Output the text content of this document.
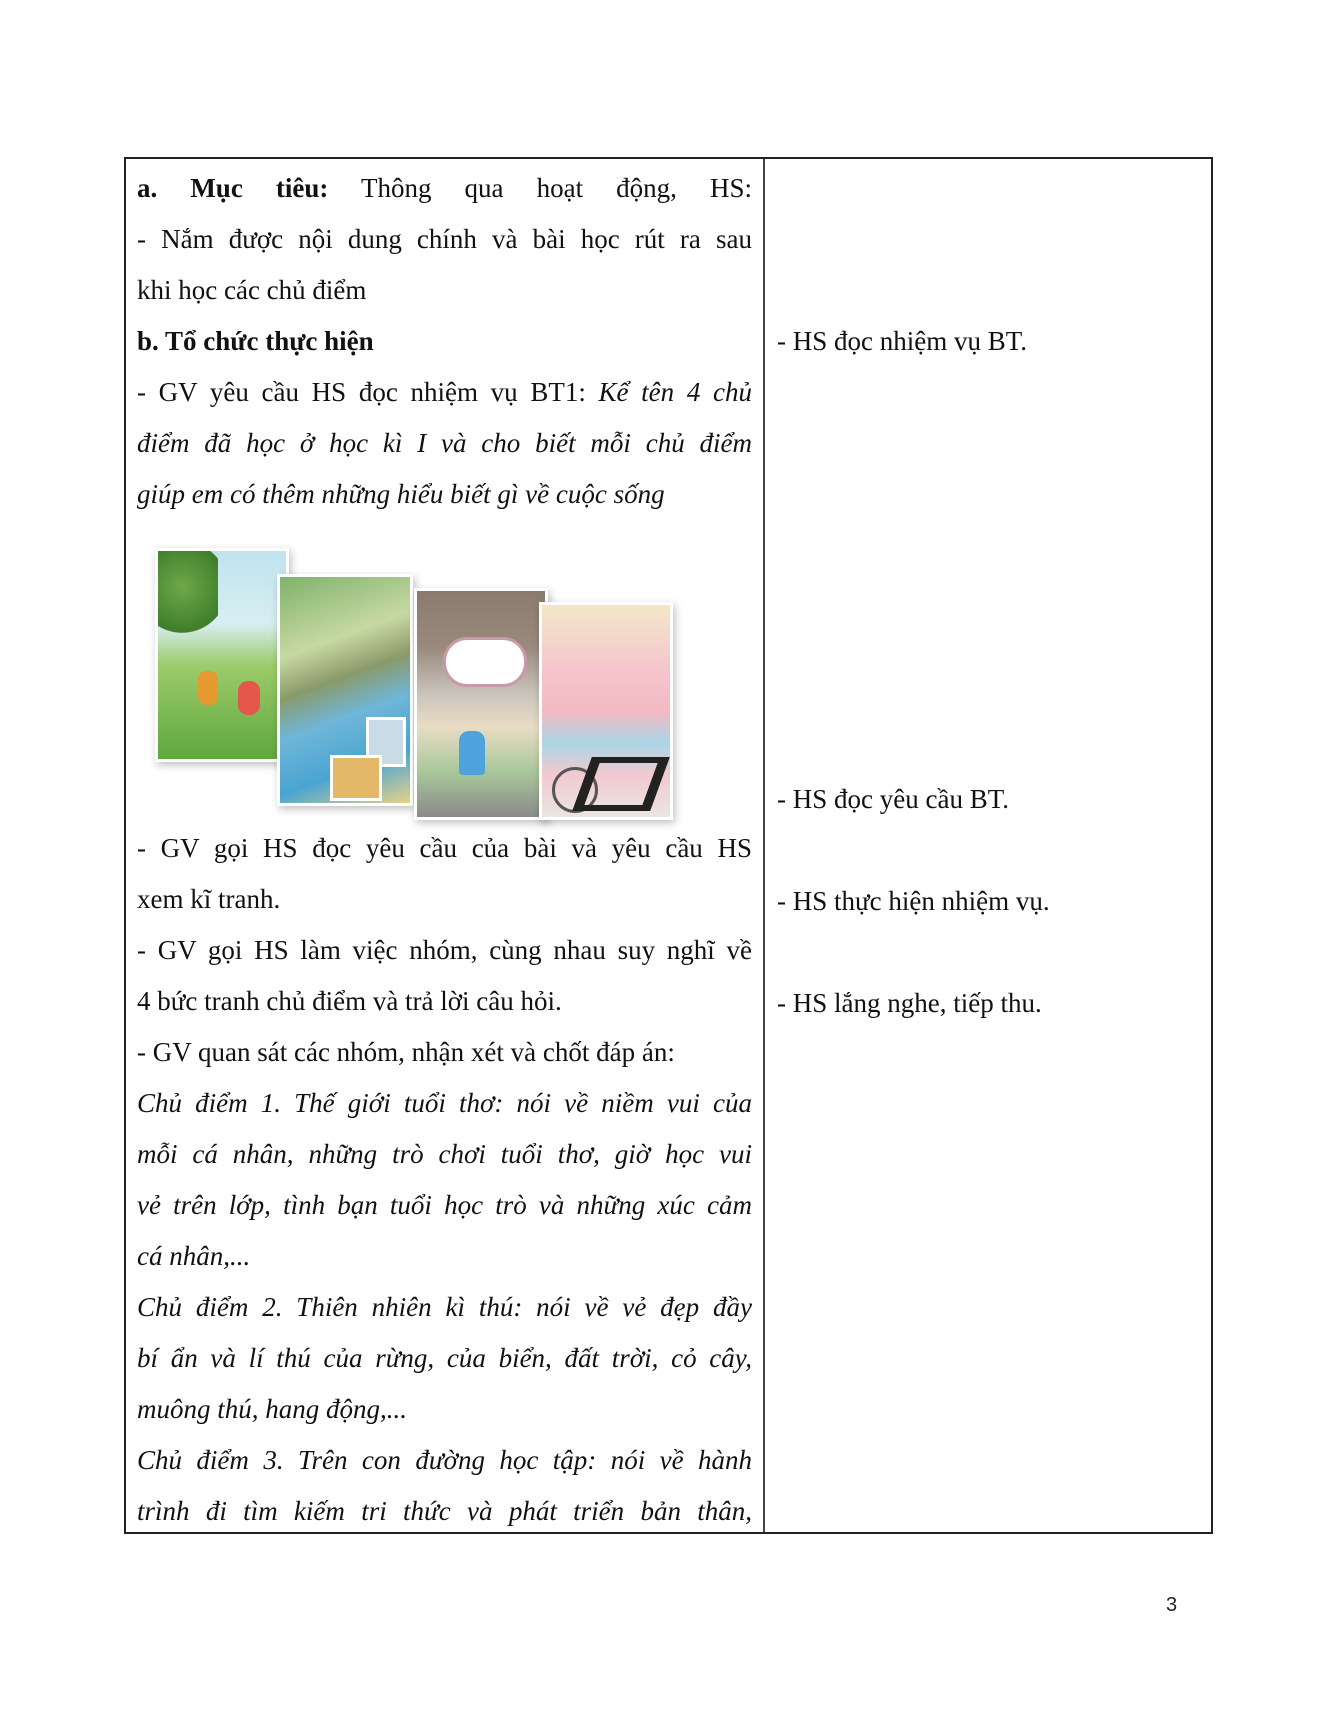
a. Mục tiêu: Thông qua hoạt động, HS:
- Nắm được nội dung chính và bài học rút ra sau
khi học các chủ điểm
b. Tổ chức thực hiện
- GV yêu cầu HS đọc nhiệm vụ BT1: Kể tên 4 chủ
điểm đã học ở học kì I và cho biết mỗi chủ điểm
giúp em có thêm những hiểu biết gì về cuộc sống
- GV gọi HS đọc yêu cầu của bài và yêu cầu HS
xem kĩ tranh.
- GV gọi HS làm việc nhóm, cùng nhau suy nghĩ về
4 bức tranh chủ điểm và trả lời câu hỏi.
- GV quan sát các nhóm, nhận xét và chốt đáp án:
Chủ điểm 1. Thế giới tuổi thơ: nói về niềm vui của
mỗi cá nhân, những trò chơi tuổi thơ, giờ học vui
vẻ trên lớp, tình bạn tuổi học trò và những xúc cảm
cá nhân,...
Chủ điểm 2. Thiên nhiên kì thú: nói về vẻ đẹp đầy
bí ẩn và lí thú của rừng, của biển, đất trời, cỏ cây,
muông thú, hang động,...
Chủ điểm 3. Trên con đường học tập: nói về hành
trình đi tìm kiếm tri thức và phát triển bản thân,
- HS đọc nhiệm vụ BT.
- HS đọc yêu cầu BT.
- HS thực hiện nhiệm vụ.
- HS lắng nghe, tiếp thu.
3
